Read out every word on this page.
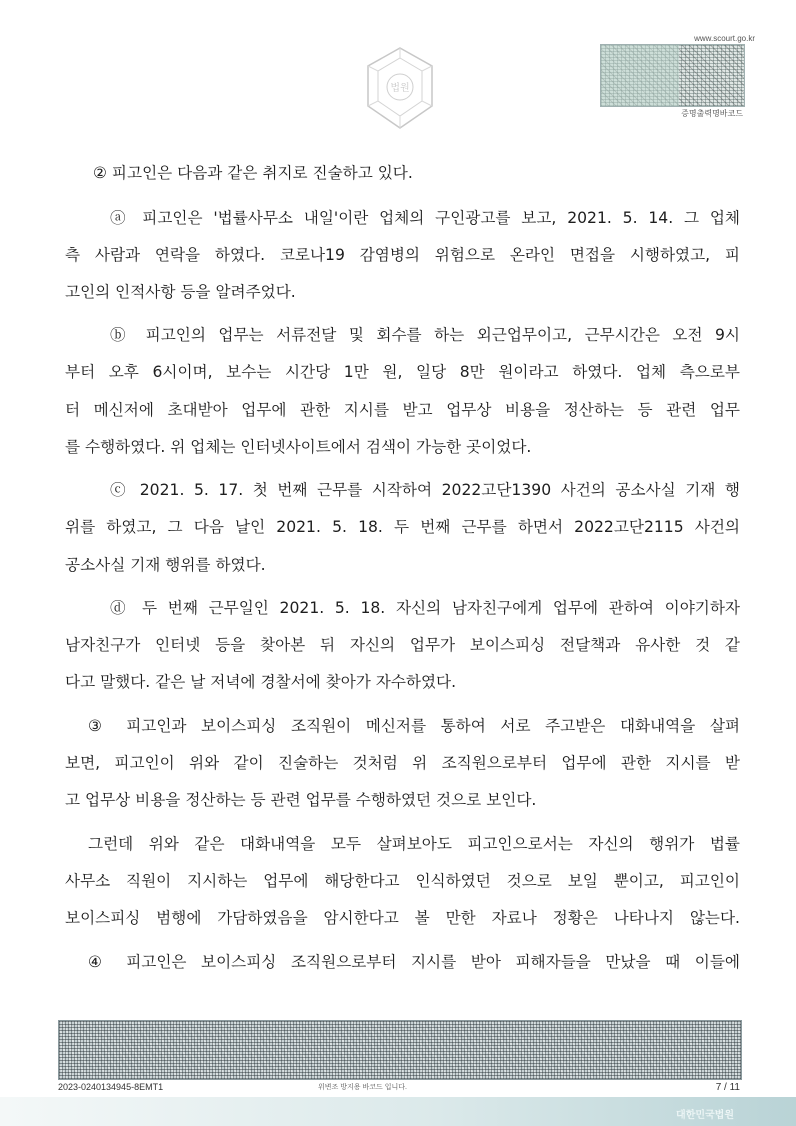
법원
www.scourt.go.kr
증명출력명바코드
② 피고인은 다음과 같은 취지로 진술하고 있다.
ⓐ 피고인은 '법률사무소 내일'이란 업체의 구인광고를 보고, 2021. 5. 14. 그 업체
측 사람과 연락을 하였다. 코로나19 감염병의 위험으로 온라인 면접을 시행하였고, 피
고인의 인적사항 등을 알려주었다.
ⓑ 피고인의 업무는 서류전달 및 회수를 하는 외근업무이고, 근무시간은 오전 9시
부터 오후 6시이며, 보수는 시간당 1만 원, 일당 8만 원이라고 하였다. 업체 측으로부
터 메신저에 초대받아 업무에 관한 지시를 받고 업무상 비용을 정산하는 등 관련 업무
를 수행하였다. 위 업체는 인터넷사이트에서 검색이 가능한 곳이었다.
ⓒ 2021. 5. 17. 첫 번째 근무를 시작하여 2022고단1390 사건의 공소사실 기재 행
위를 하였고, 그 다음 날인 2021. 5. 18. 두 번째 근무를 하면서 2022고단2115 사건의
공소사실 기재 행위를 하였다.
ⓓ 두 번째 근무일인 2021. 5. 18. 자신의 남자친구에게 업무에 관하여 이야기하자
남자친구가 인터넷 등을 찾아본 뒤 자신의 업무가 보이스피싱 전달책과 유사한 것 같
다고 말했다. 같은 날 저녁에 경찰서에 찾아가 자수하였다.
③ 피고인과 보이스피싱 조직원이 메신저를 통하여 서로 주고받은 대화내역을 살펴
보면, 피고인이 위와 같이 진술하는 것처럼 위 조직원으로부터 업무에 관한 지시를 받
고 업무상 비용을 정산하는 등 관련 업무를 수행하였던 것으로 보인다.
그런데 위와 같은 대화내역을 모두 살펴보아도 피고인으로서는 자신의 행위가 법률
사무소 직원이 지시하는 업무에 해당한다고 인식하였던 것으로 보일 뿐이고, 피고인이
보이스피싱 범행에 가담하였음을 암시한다고 볼 만한 자료나 정황은 나타나지 않는다.
④ 피고인은 보이스피싱 조직원으로부터 지시를 받아 피해자들을 만났을 때 이들에
2023-0240134945-8EMT1	위변조 방지용 바코드 입니다.	7 / 11
대한민국법원
